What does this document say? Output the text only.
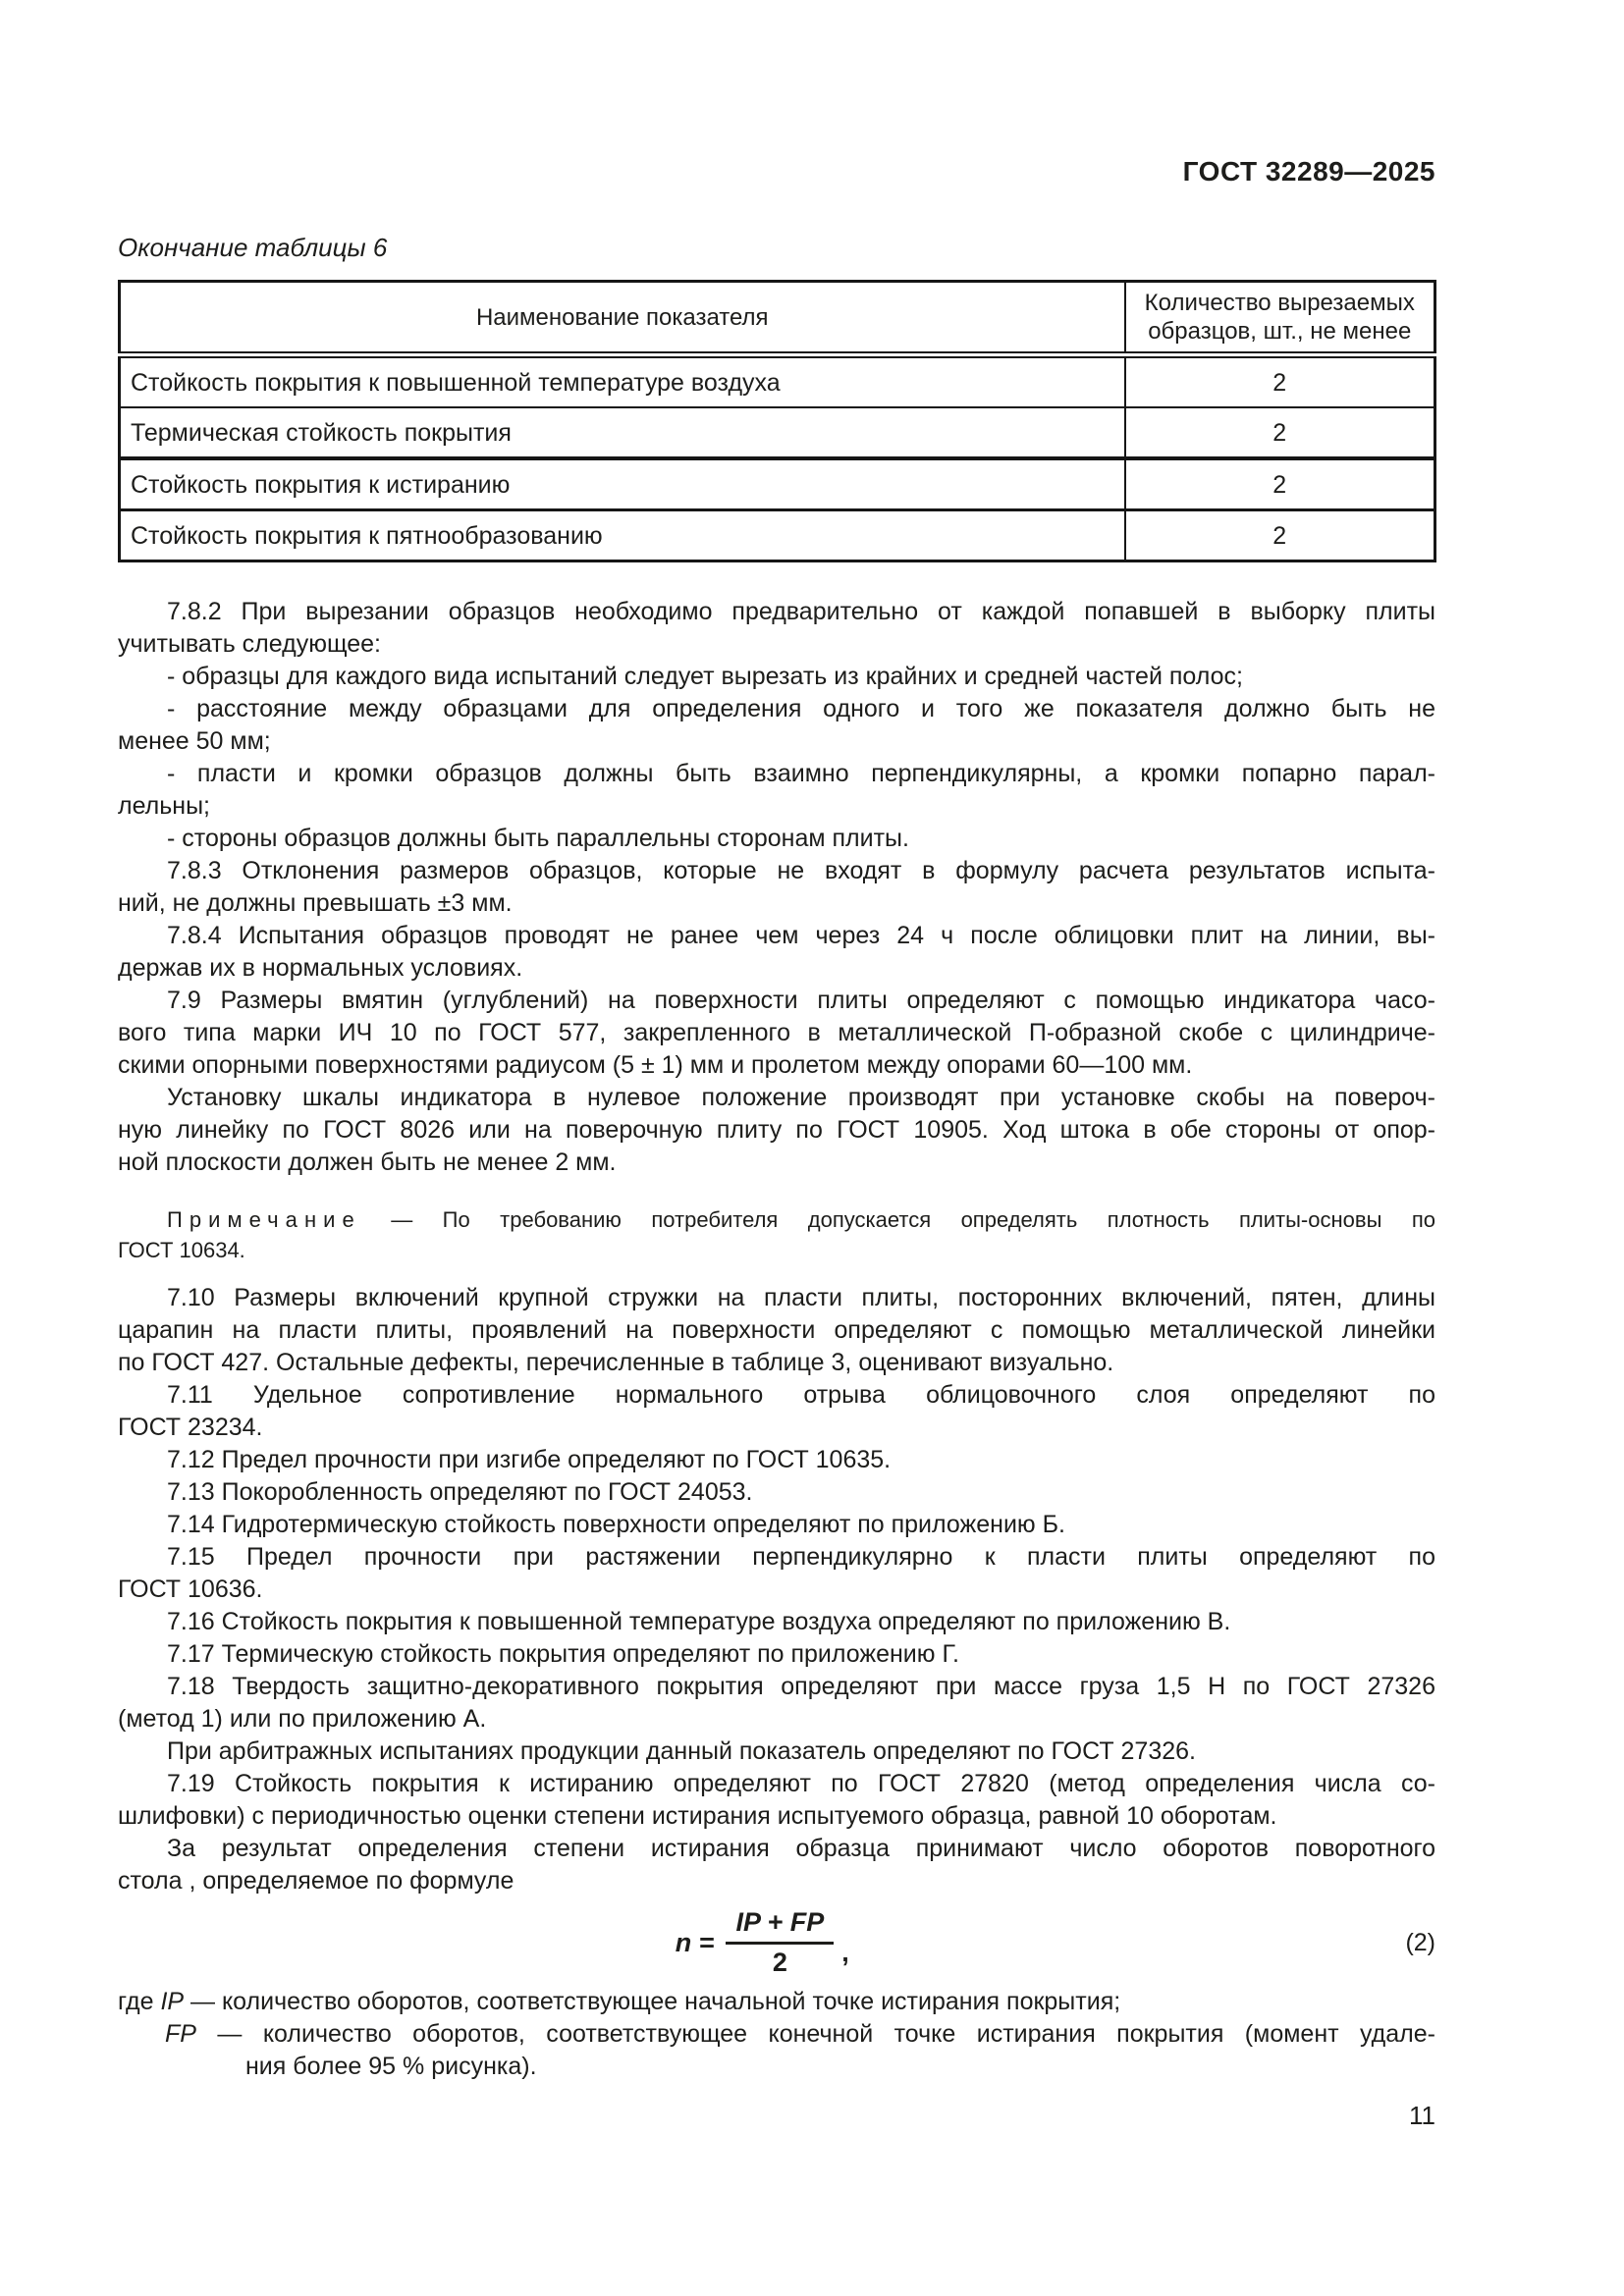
ГОСТ 32289—2025
Окончание таблицы 6
Наименование показателя	Количество вырезаемых образцов, шт., не менее
Стойкость покрытия к повышенной температуре воздуха	2
Термическая стойкость покрытия	2
Стойкость покрытия к истиранию	2
Стойкость покрытия к пятнообразованию	2
7.8.2 При вырезании образцов необходимо предварительно от каждой попавшей в выборку плиты
учитывать следующее:
- образцы для каждого вида испытаний следует вырезать из крайних и средней частей полос;
- расстояние между образцами для определения одного и того же показателя должно быть не
менее 50 мм;
- пласти и кромки образцов должны быть взаимно перпендикулярны, а кромки попарно парал-
лельны;
- стороны образцов должны быть параллельны сторонам плиты.
7.8.3 Отклонения размеров образцов, которые не входят в формулу расчета результатов испыта-
ний, не должны превышать ±3 мм.
7.8.4 Испытания образцов проводят не ранее чем через 24 ч после облицовки плит на линии, вы-
держав их в нормальных условиях.
7.9 Размеры вмятин (углублений) на поверхности плиты определяют с помощью индикатора часо-
вого типа марки ИЧ 10 по ГОСТ 577, закрепленного в металлической П-образной скобе с цилиндриче-
скими опорными поверхностями радиусом (5 ± 1) мм и пролетом между опорами 60—100 мм.
Установку шкалы индикатора в нулевое положение производят при установке скобы на повероч-
ную линейку по ГОСТ 8026 или на поверочную плиту по ГОСТ 10905. Ход штока в обе стороны от опор-
ной плоскости должен быть не менее 2 мм.
Примечание — По требованию потребителя допускается определять плотность плиты-основы по
ГОСТ 10634.
7.10 Размеры включений крупной стружки на пласти плиты, посторонних включений, пятен, длины
царапин на пласти плиты, проявлений на поверхности определяют с помощью металлической линейки
по ГОСТ 427. Остальные дефекты, перечисленные в таблице 3, оценивают визуально.
7.11 Удельное сопротивление нормального отрыва облицовочного слоя определяют по
ГОСТ 23234.
7.12 Предел прочности при изгибе определяют по ГОСТ 10635.
7.13 Покоробленность определяют по ГОСТ 24053.
7.14 Гидротермическую стойкость поверхности определяют по приложению Б.
7.15 Предел прочности при растяжении перпендикулярно к пласти плиты определяют по
ГОСТ 10636.
7.16 Стойкость покрытия к повышенной температуре воздуха определяют по приложению В.
7.17 Термическую стойкость покрытия определяют по приложению Г.
7.18 Твердость защитно-декоративного покрытия определяют при массе груза 1,5 Н по ГОСТ 27326
(метод 1) или по приложению А.
При арбитражных испытаниях продукции данный показатель определяют по ГОСТ 27326.
7.19 Стойкость покрытия к истиранию определяют по ГОСТ 27820 (метод определения числа со-
шлифовки) с периодичностью оценки степени истирания испытуемого образца, равной 10 оборотам.
За результат определения степени истирания образца принимают число оборотов поворотного
стола , определяемое по формуле
$n = \frac{IP + FP}{2}$ ,	(2)
где IP — количество оборотов, соответствующее начальной точке истирания покрытия;
FP — количество оборотов, соответствующее конечной точке истирания покрытия (момент удале-
ния более 95 % рисунка).
11
